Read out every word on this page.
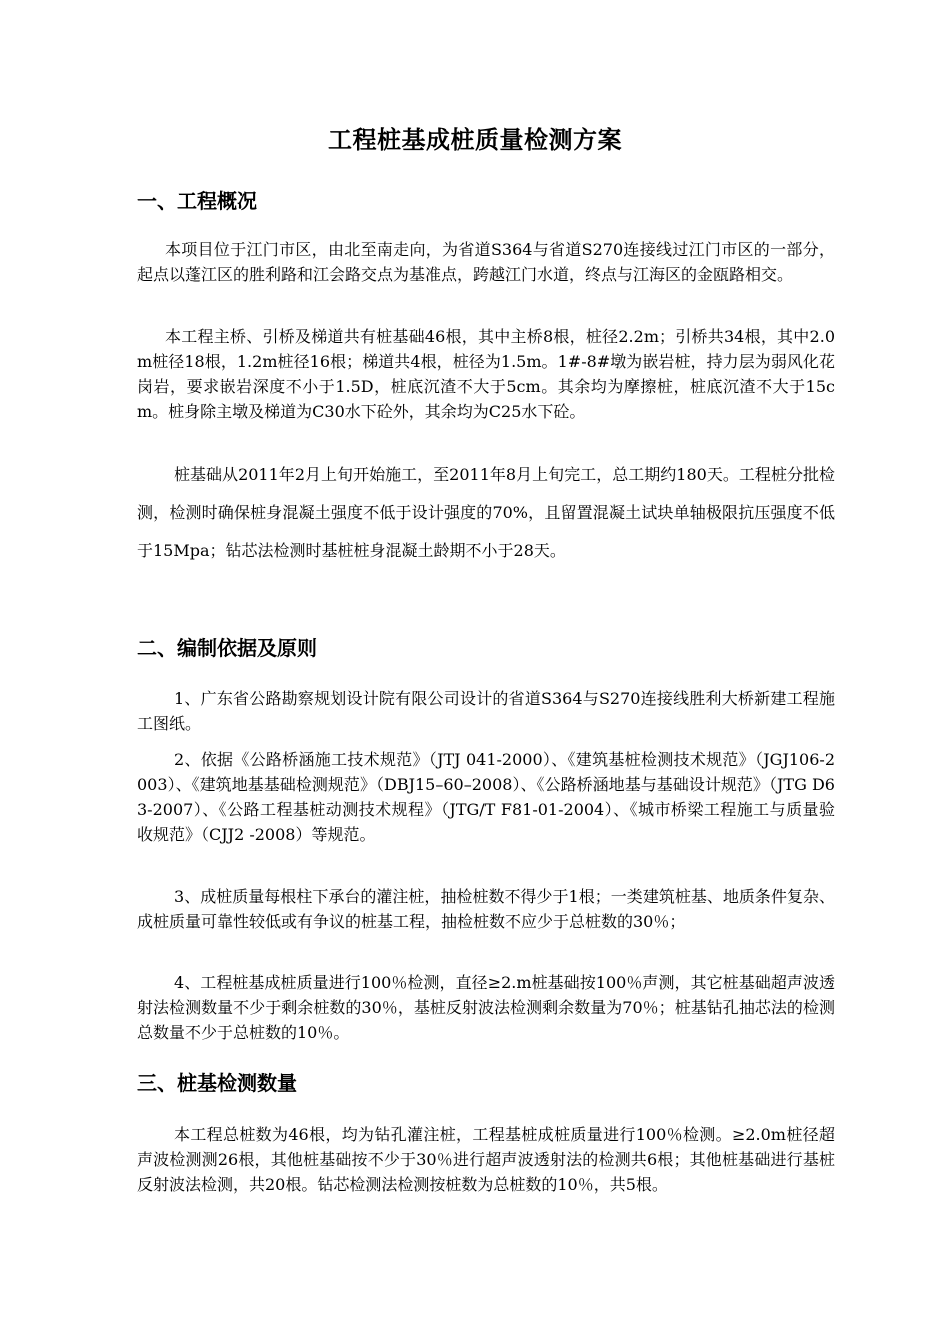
工程桩基成桩质量检测方案
一、工程概况

本项目位于江门市区，由北至南走向，为省道S364与省道S270连接线过江门市区的一部分，起点以蓬江区的胜利路和江会路交点为基准点，跨越江门水道，终点与江海区的金瓯路相交。

本工程主桥、引桥及梯道共有桩基础46根，其中主桥8根，桩径2.2m；引桥共34根，其中2.0m桩径18根，1.2m桩径16根；梯道共4根，桩径为1.5m。1#-8#墩为嵌岩桩，持力层为弱风化花岗岩，要求嵌岩深度不小于1.5D，桩底沉渣不大于5cm。其余均为摩擦桩，桩底沉渣不大于15cm。桩身除主墩及梯道为C30水下砼外，其余均为C25水下砼。

桩基础从2011年2月上旬开始施工，至2011年8月上旬完工，总工期约180天。工程桩分批检测，检测时确保桩身混凝土强度不低于设计强度的70%，且留置混凝土试块单轴极限抗压强度不低于15Mpa；钻芯法检测时基桩桩身混凝土龄期不小于28天。

二、编制依据及原则

1、广东省公路勘察规划设计院有限公司设计的省道S364与S270连接线胜利大桥新建工程施工图纸。

2、依据《公路桥涵施工技术规范》（JTJ 041-2000）、《建筑基桩检测技术规范》（JGJ106-2003）、《建筑地基基础检测规范》（DBJ15–60–2008）、《公路桥涵地基与基础设计规范》（JTG D63-2007）、《公路工程基桩动测技术规程》（JTG/T F81-01-2004）、《城市桥梁工程施工与质量验收规范》（CJJ2 -2008）等规范。

3、成桩质量每根柱下承台的灌注桩，抽检桩数不得少于1根；一类建筑桩基、地质条件复杂、成桩质量可靠性较低或有争议的桩基工程，抽检桩数不应少于总桩数的30％；

4、工程桩基成桩质量进行100％检测，直径≥2.m桩基础按100％声测，其它桩基础超声波透射法检测数量不少于剩余桩数的30％，基桩反射波法检测剩余数量为70％；桩基钻孔抽芯法的检测总数量不少于总桩数的10％。

三、桩基检测数量

本工程总桩数为46根，均为钻孔灌注桩，工程基桩成桩质量进行100％检测。≥2.0m桩径超声波检测测26根，其他桩基础按不少于30％进行超声波透射法的检测共6根；其他桩基础进行基桩反射波法检测，共20根。钻芯检测法检测按桩数为总桩数的10％，共5根。
